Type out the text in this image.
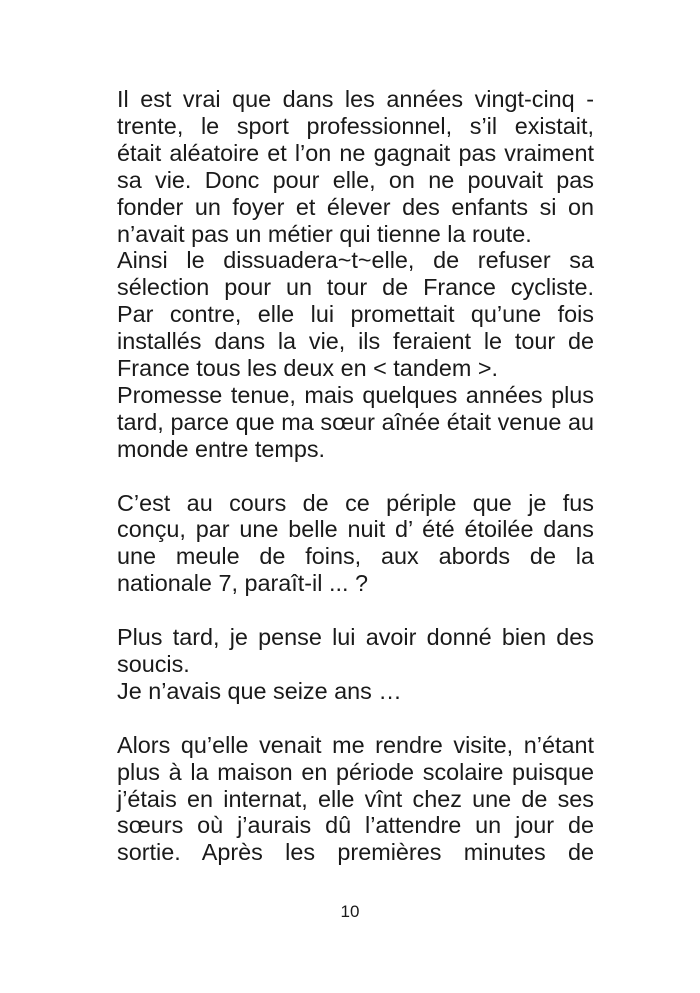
Il est vrai que dans les années vingt-cinq -
trente, le sport professionnel, s’il existait,
était aléatoire et l’on ne gagnait pas vraiment
sa vie. Donc pour elle, on ne pouvait pas
fonder un foyer et élever des enfants si on
n’avait pas un métier qui tienne la route.
Ainsi le dissuadera~t~elle, de refuser sa
sélection pour un tour de France cycliste.
Par contre, elle lui promettait qu’une fois
installés dans la vie, ils feraient le tour de
France tous les deux en < tandem >.
Promesse tenue, mais quelques années plus
tard, parce que ma sœur aînée était venue au
monde entre temps.
C’est au cours de ce périple que je fus
conçu, par une belle nuit d’ été étoilée dans
une meule de foins, aux abords de la
nationale 7, paraît-il ... ?
Plus tard, je pense lui avoir donné bien des
soucis.
Je n’avais que seize ans …
Alors qu’elle venait me rendre visite, n’étant
plus à la maison en période scolaire puisque
j’étais en internat, elle vînt chez une de ses
sœurs où j’aurais dû l’attendre un jour de
sortie. Après les premières minutes de
10
